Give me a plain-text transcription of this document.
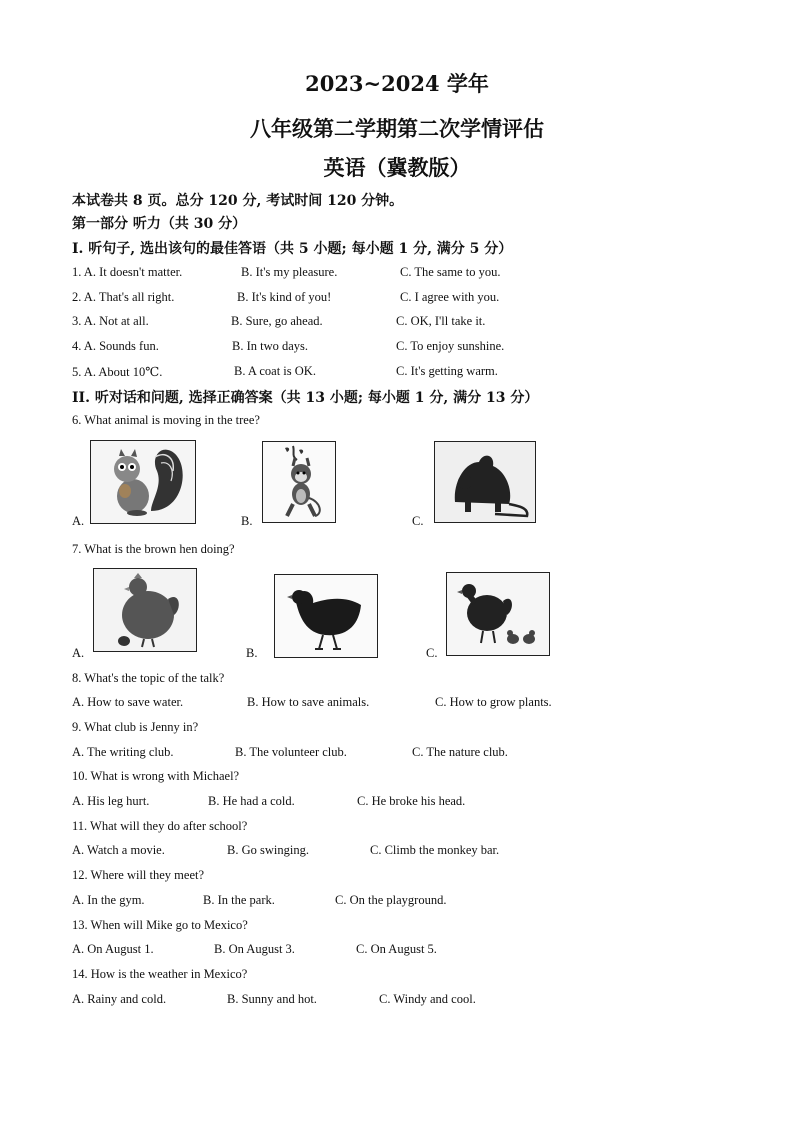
2023~2024 学年
八年级第二学期第二次学情评估
英语（冀教版）
本试卷共 8 页。总分 120 分, 考试时间 120 分钟。
第一部分 听力（共 30 分）
I. 听句子, 选出该句的最佳答语（共 5 小题; 每小题 1 分, 满分 5 分）
1. A. It doesn't matter.	B. It's my pleasure.	C. The same to you.
2. A. That's all right.	B. It's kind of you!	C. I agree with you.
3. A. Not at all.	B. Sure, go ahead.	C. OK, I'll take it.
4. A. Sounds fun.	B. In two days.	C. To enjoy sunshine.
5. A. About 10℃.	B. A coat is OK.	C. It's getting warm.
II. 听对话和问题, 选择正确答案（共 13 小题; 每小题 1 分, 满分 13 分）
6. What animal is moving in the tree?
A.	B.	C.
7. What is the brown hen doing?
A.	B.	C.
8. What's the topic of the talk?
A. How to save water.	B. How to save animals.	C. How to grow plants.
9. What club is Jenny in?
A. The writing club.	B. The volunteer club.	C. The nature club.
10. What is wrong with Michael?
A. His leg hurt.	B. He had a cold.	C. He broke his head.
11. What will they do after school?
A. Watch a movie.	B. Go swinging.	C. Climb the monkey bar.
12. Where will they meet?
A. In the gym.	B. In the park.	C. On the playground.
13. When will Mike go to Mexico?
A. On August 1.	B. On August 3.	C. On August 5.
14. How is the weather in Mexico?
A. Rainy and cold.	B. Sunny and hot.	C. Windy and cool.
